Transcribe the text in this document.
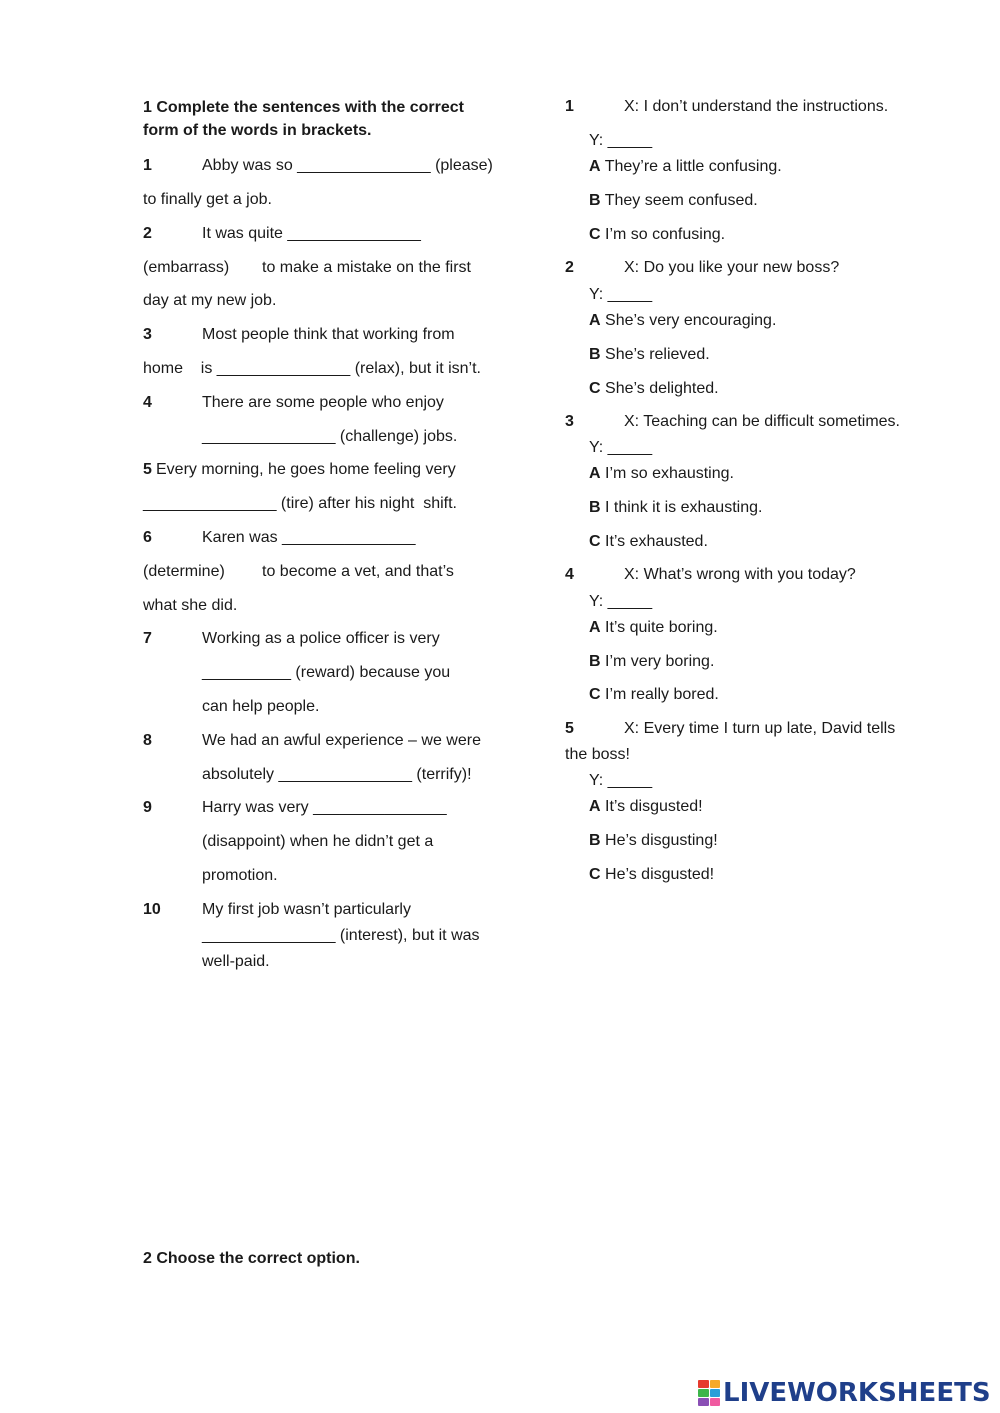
1 Complete the sentences with the correct
form of the words in brackets.
1	Abby was so _______________ (please)
to finally get a job.
2	It was quite _______________
(embarrass) to make a mistake on the first
day at my new job.
3	Most people think that working from
home    is _______________ (relax), but it isn’t.
4	There are some people who enjoy
_______________ (challenge) jobs.
5 Every morning, he goes home feeling very
_______________ (tire) after his night  shift.
6	Karen was _______________
(determine) to become a vet, and that’s
what she did.
7	Working as a police officer is very
__________ (reward) because you
can help people.
8	We had an awful experience – we were
absolutely _______________ (terrify)!
9	Harry was very _______________
(disappoint) when he didn’t get a
promotion.
10	My first job wasn’t particularly
_______________ (interest), but it was
well-paid.
1	X: I don’t understand the instructions.
Y: _____
A They’re a little confusing.
B They seem confused.
C I’m so confusing.
2	X: Do you like your new boss?
Y: _____
A She’s very encouraging.
B She’s relieved.
C She’s delighted.
3	X: Teaching can be difficult sometimes.
Y: _____
A I’m so exhausting.
B I think it is exhausting.
C It’s exhausted.
4	X: What’s wrong with you today?
Y: _____
A It’s quite boring.
B I’m very boring.
C I’m really bored.
5	X: Every time I turn up late, David tells
the boss!
Y: _____
A It’s disgusted!
B He’s disgusting!
C He’s disgusted!
2 Choose the correct option.
LIVEWORKSHEETS
